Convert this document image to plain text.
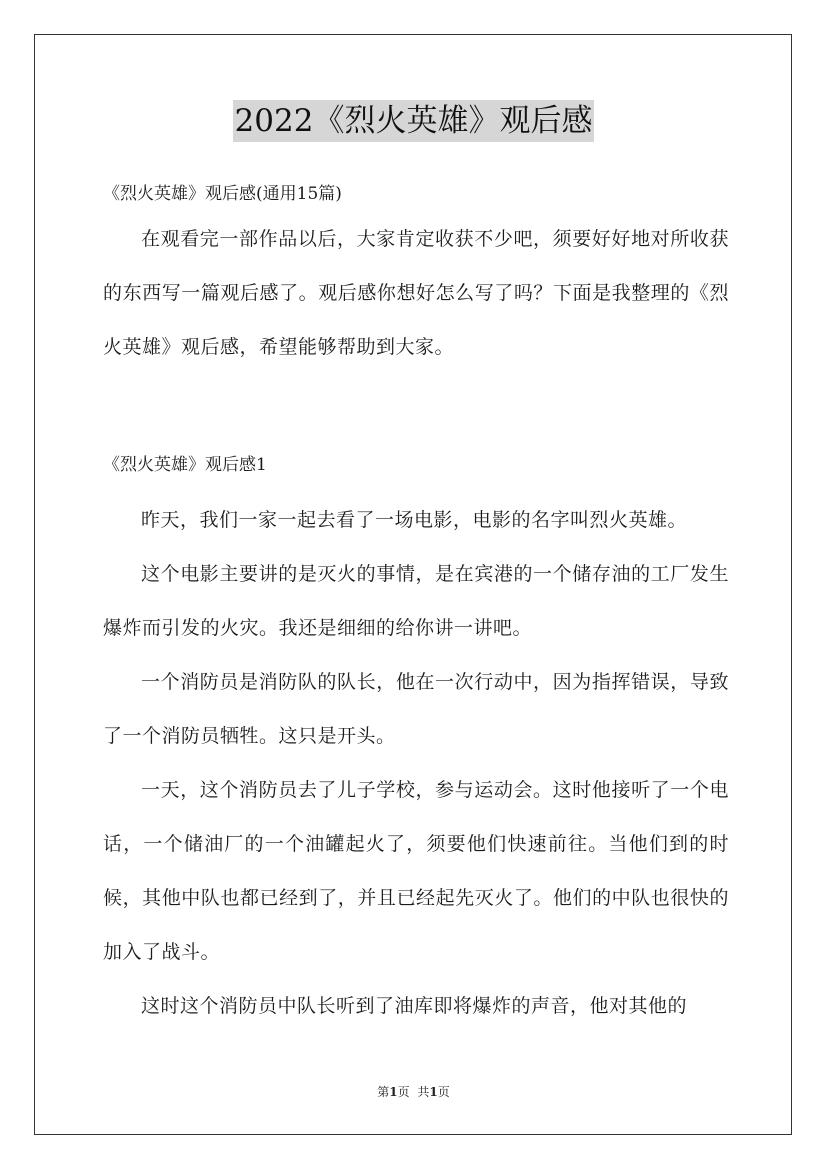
2022《烈火英雄》观后感
《烈火英雄》观后感(通用15篇)

在观看完一部作品以后，大家肯定收获不少吧，须要好好地对所收获的东西写一篇观后感了。观后感你想好怎么写了吗？下面是我整理的《烈火英雄》观后感，希望能够帮助到大家。

《烈火英雄》观后感1

昨天，我们一家一起去看了一场电影，电影的名字叫烈火英雄。

这个电影主要讲的是灭火的事情，是在宾港的一个储存油的工厂发生爆炸而引发的火灾。我还是细细的给你讲一讲吧。

一个消防员是消防队的队长，他在一次行动中，因为指挥错误，导致了一个消防员牺牲。这只是开头。

一天，这个消防员去了儿子学校，参与运动会。这时他接听了一个电话，一个储油厂的一个油罐起火了，须要他们快速前往。当他们到的时候，其他中队也都已经到了，并且已经起先灭火了。他们的中队也很快的加入了战斗。

这时这个消防员中队长听到了油库即将爆炸的声音，他对其他的

第1页 共1页
